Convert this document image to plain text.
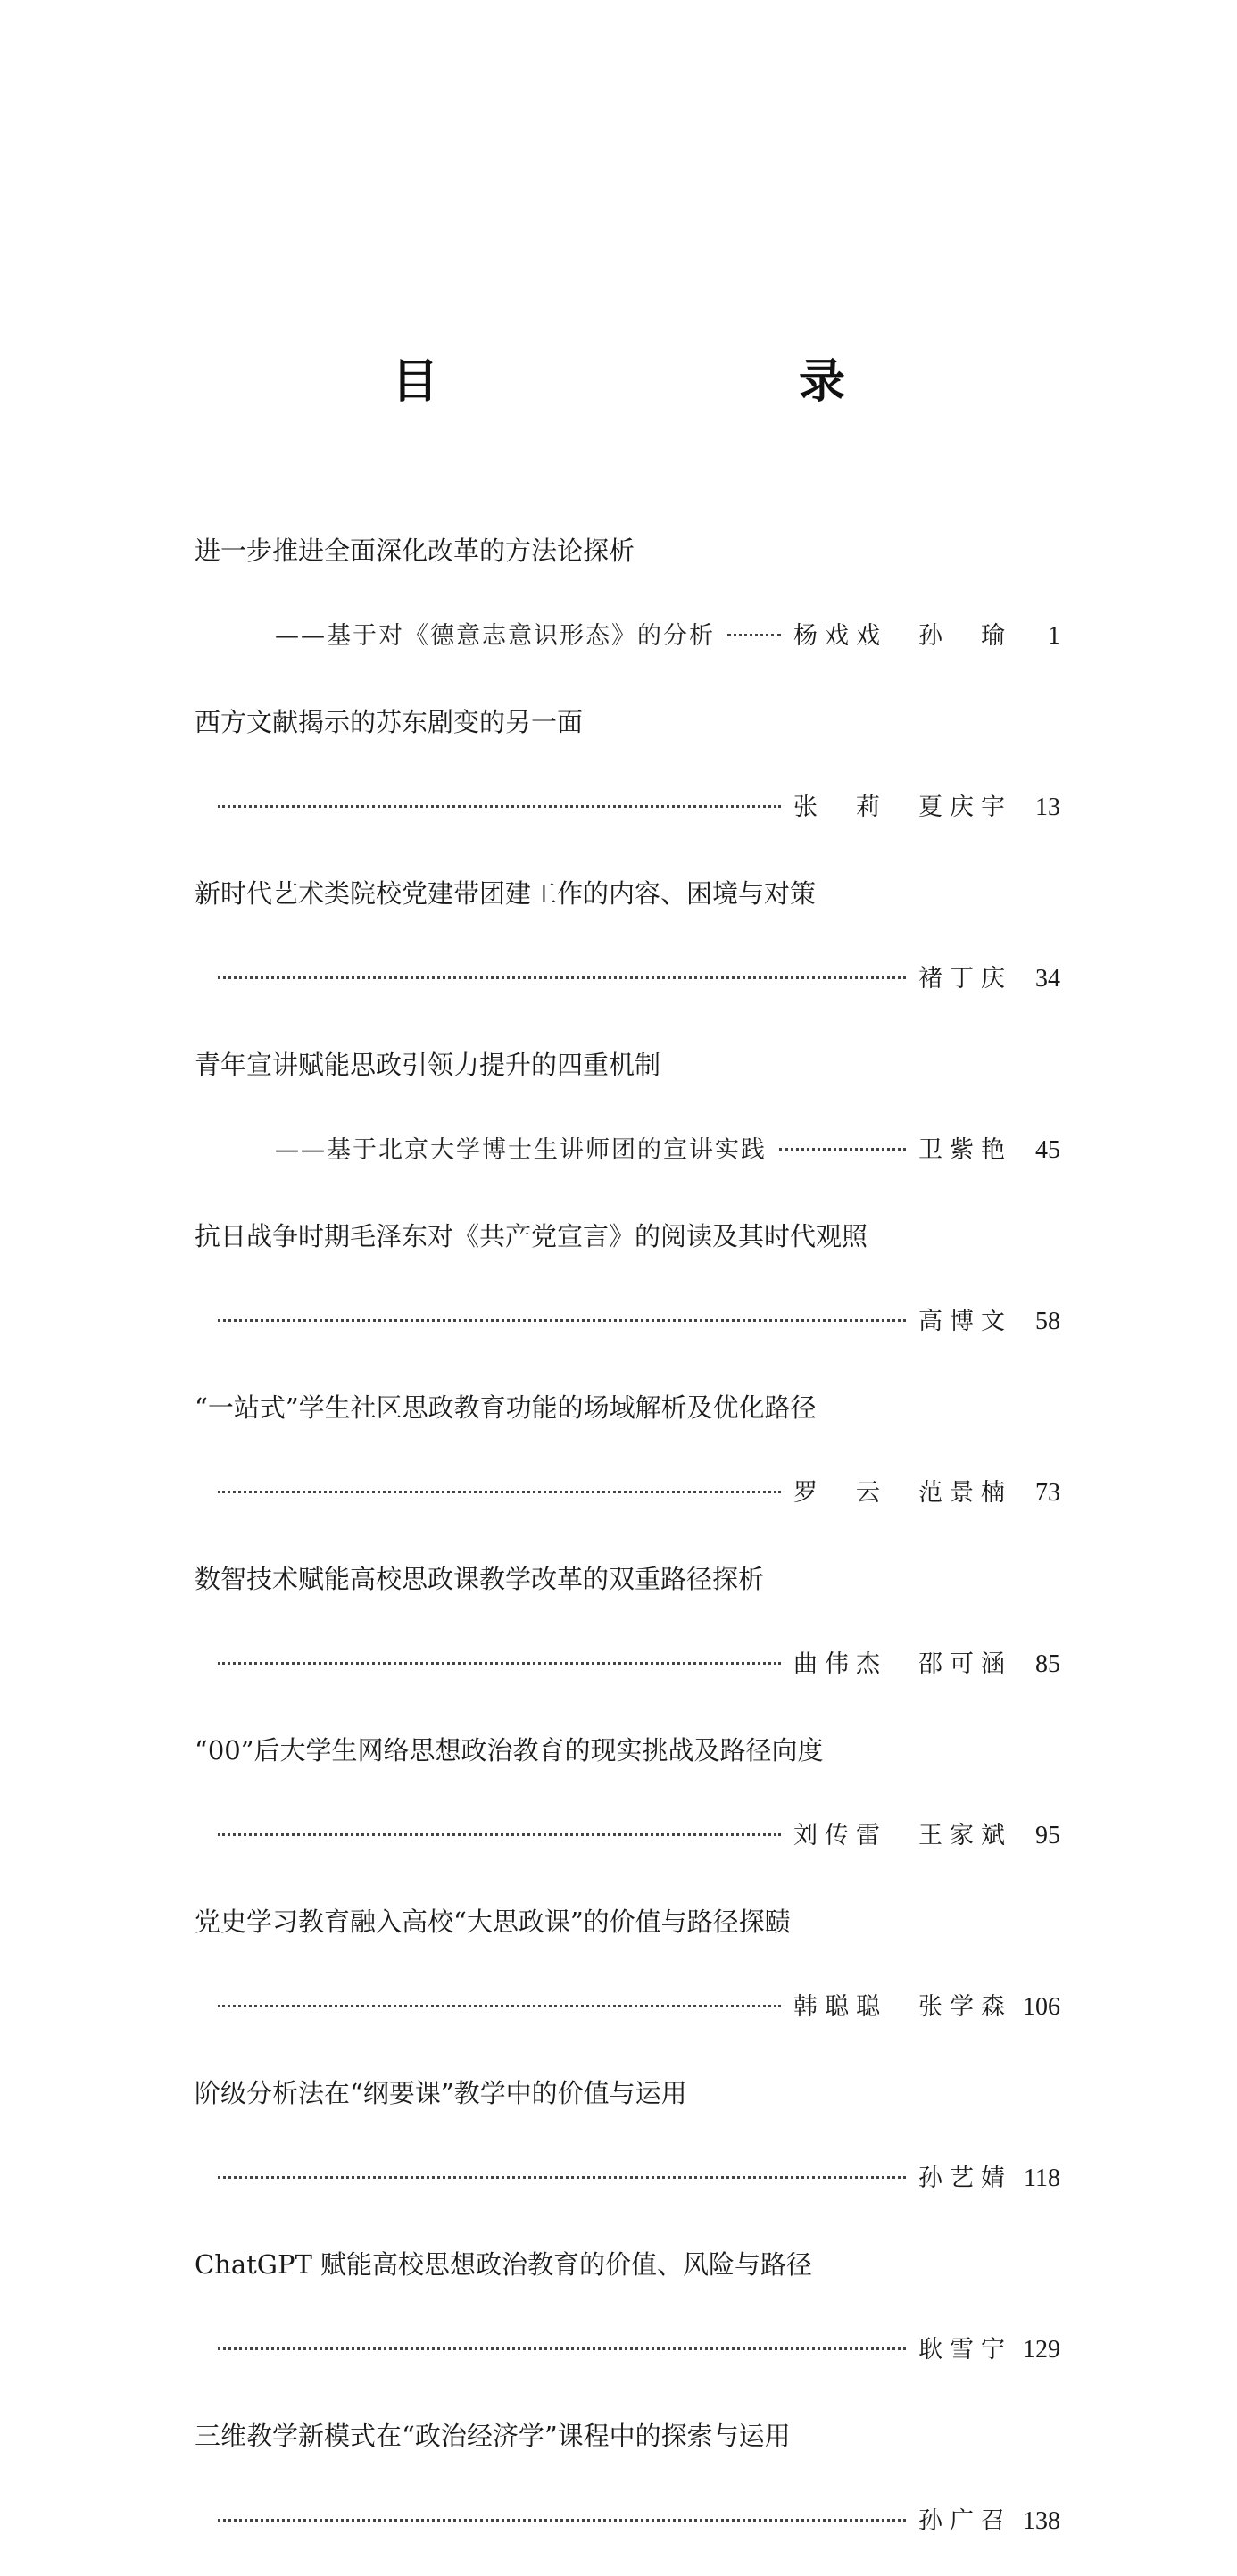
目　　录
进一步推进全面深化改革的方法论探析
——基于对《德意志意识形态》的分析	杨戏戏　孙　瑜	1
西方文献揭示的苏东剧变的另一面
张　莉　夏庆宇 13
新时代艺术类院校党建带团建工作的内容、困境与对策
褚丁庆 34
青年宣讲赋能思政引领力提升的四重机制
——基于北京大学博士生讲师团的宣讲实践	卫紫艳 45
抗日战争时期毛泽东对《共产党宣言》的阅读及其时代观照
高博文 58
“一站式”学生社区思政教育功能的场域解析及优化路径
罗　云　范景楠 73
数智技术赋能高校思政课教学改革的双重路径探析
曲伟杰　邵可涵 85
“00”后大学生网络思想政治教育的现实挑战及路径向度
刘传雷　王家斌 95
党史学习教育融入高校“大思政课”的价值与路径探赜
韩聪聪　张学森 106
阶级分析法在“纲要课”教学中的价值与运用
孙艺婧 118
ChatGPT 赋能高校思想政治教育的价值、风险与路径
耿雪宁 129
三维教学新模式在“政治经济学”课程中的探索与运用
孙广召 138
